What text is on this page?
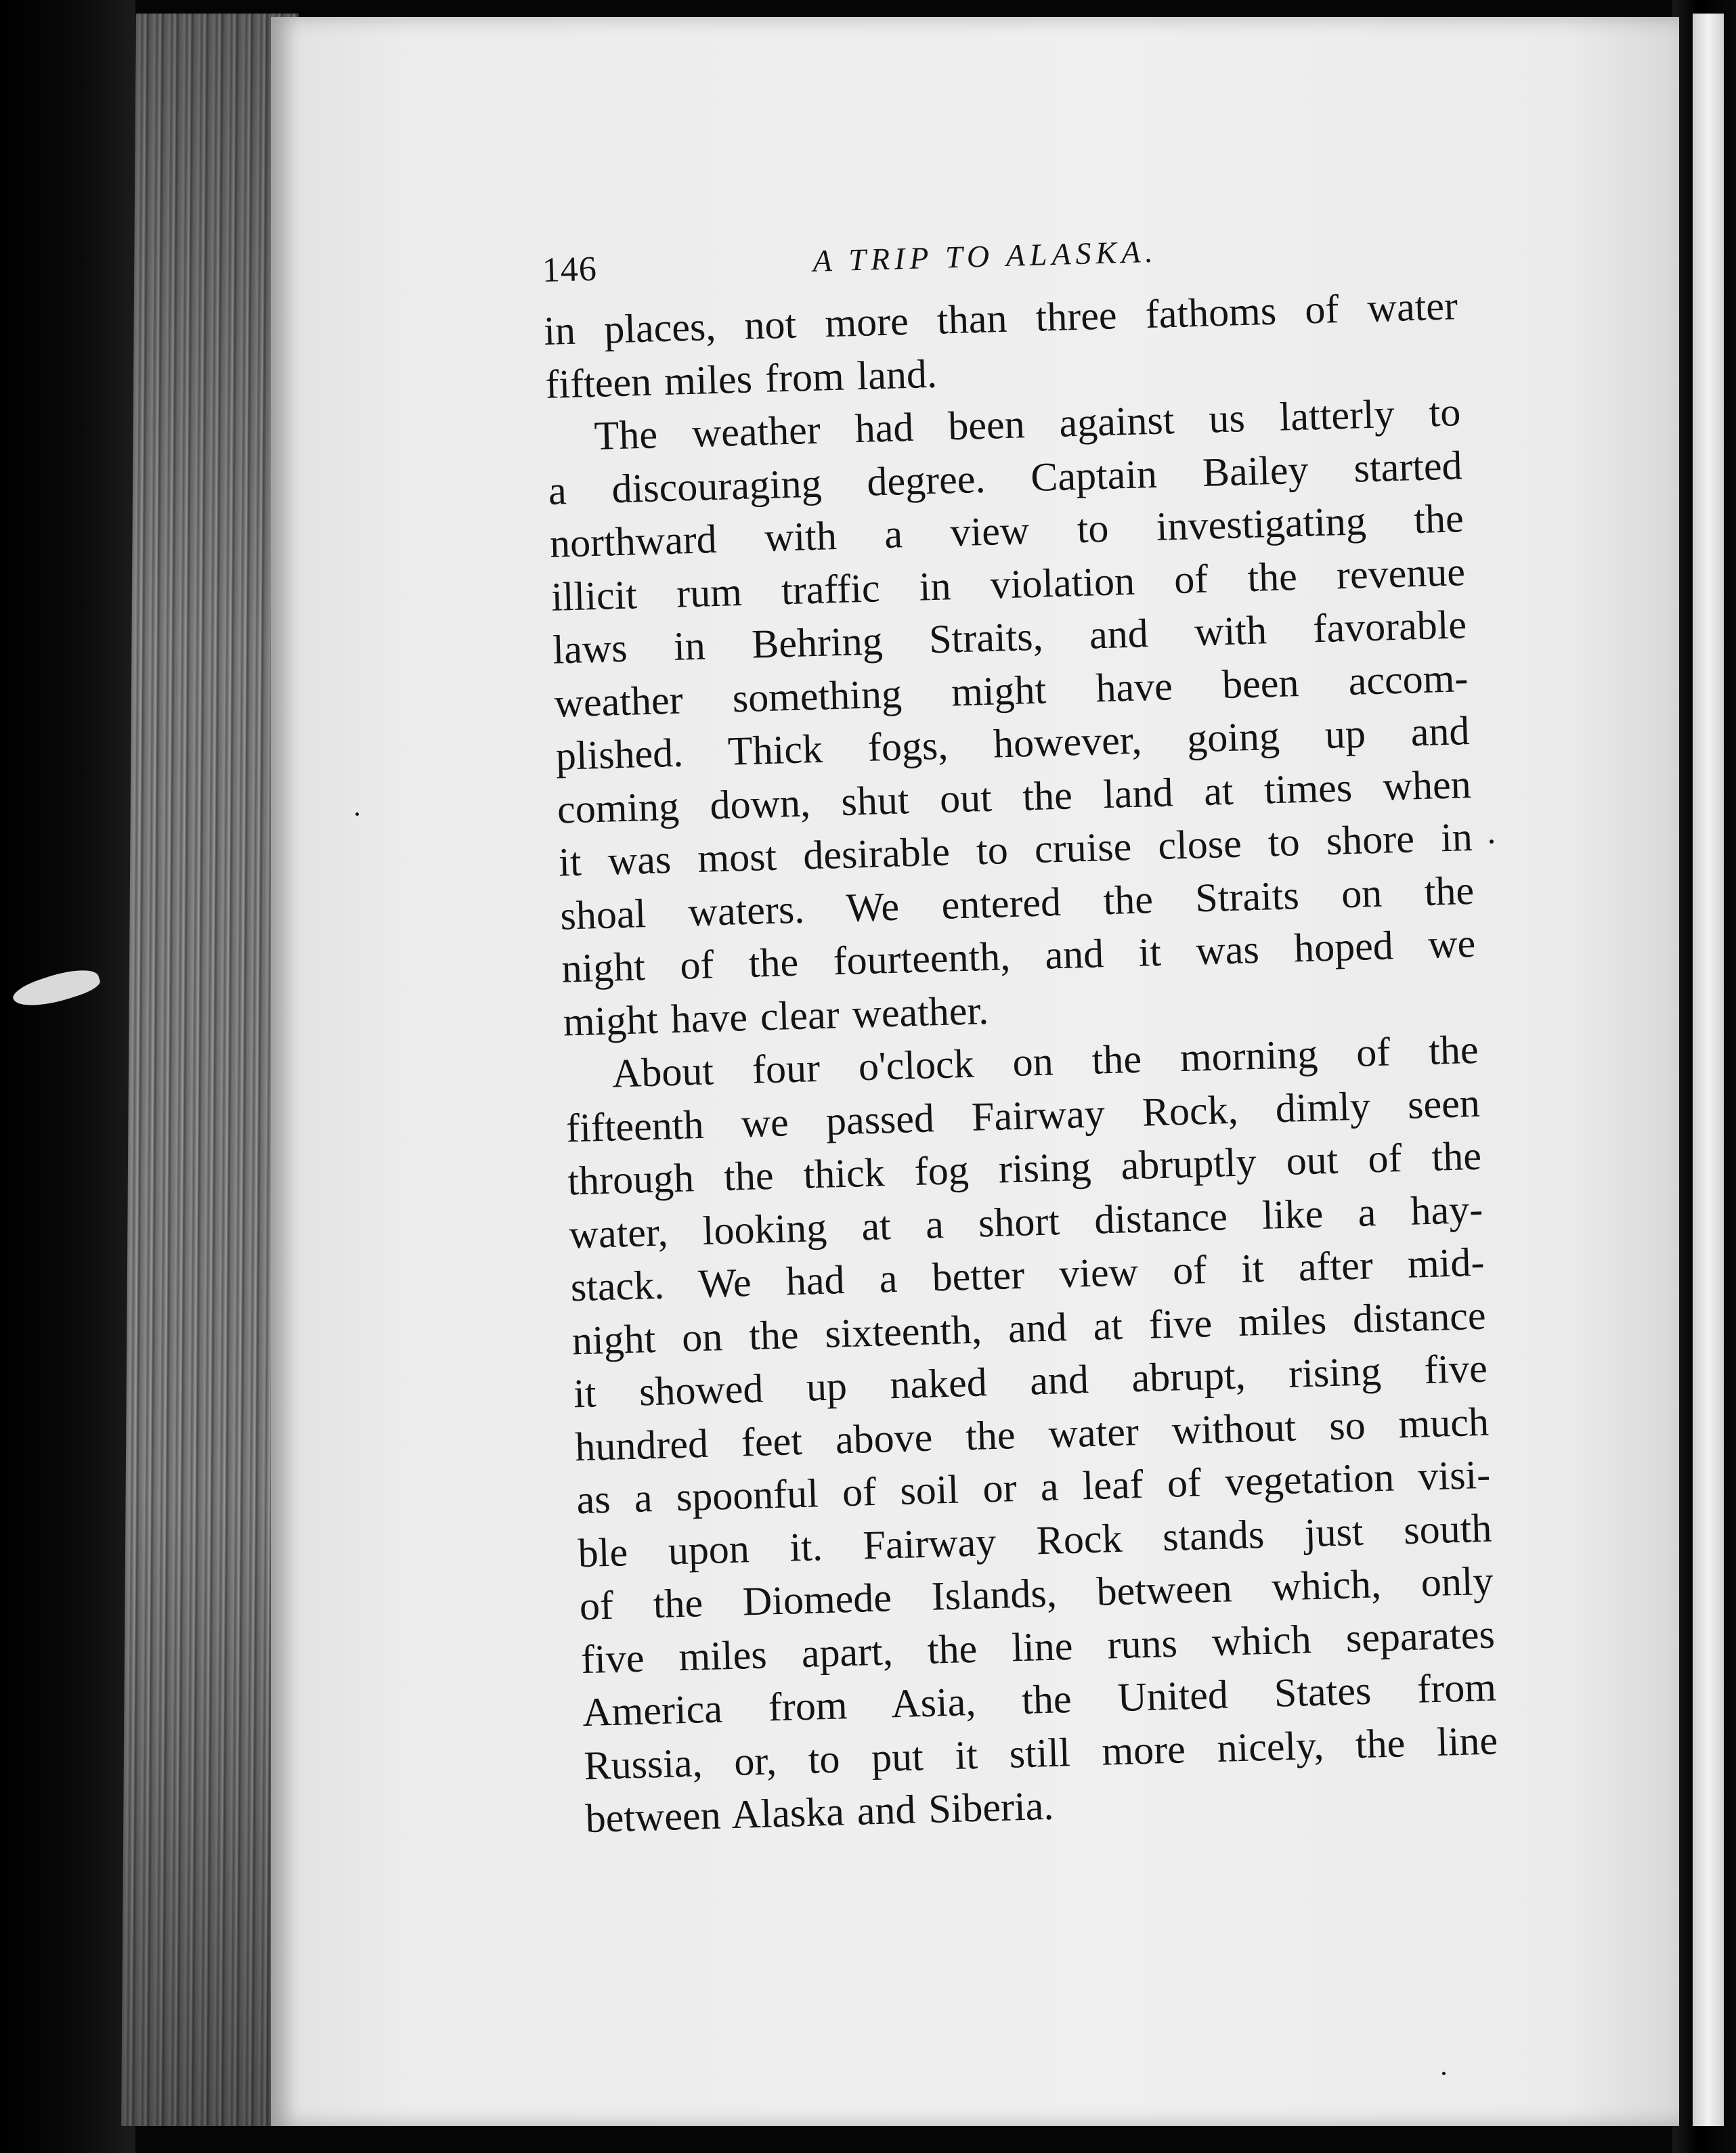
146	A TRIP TO ALASKA.
in places, not more than three fathoms of water
fifteen miles from land.
The weather had been against us latterly to
a discouraging degree. Captain Bailey started
northward with a view to investigating the
illicit rum traffic in violation of the revenue
laws in Behring Straits, and with favorable
weather something might have been accom-
plished. Thick fogs, however, going up and
coming down, shut out the land at times when
it was most desirable to cruise close to shore in
shoal waters. We entered the Straits on the
night of the fourteenth, and it was hoped we
might have clear weather.
About four o'clock on the morning of the
fifteenth we passed Fairway Rock, dimly seen
through the thick fog rising abruptly out of the
water, looking at a short distance like a hay-
stack. We had a better view of it after mid-
night on the sixteenth, and at five miles distance
it showed up naked and abrupt, rising five
hundred feet above the water without so much
as a spoonful of soil or a leaf of vegetation visi-
ble upon it. Fairway Rock stands just south
of the Diomede Islands, between which, only
five miles apart, the line runs which separates
America from Asia, the United States from
Russia, or, to put it still more nicely, the line
between Alaska and Siberia.
